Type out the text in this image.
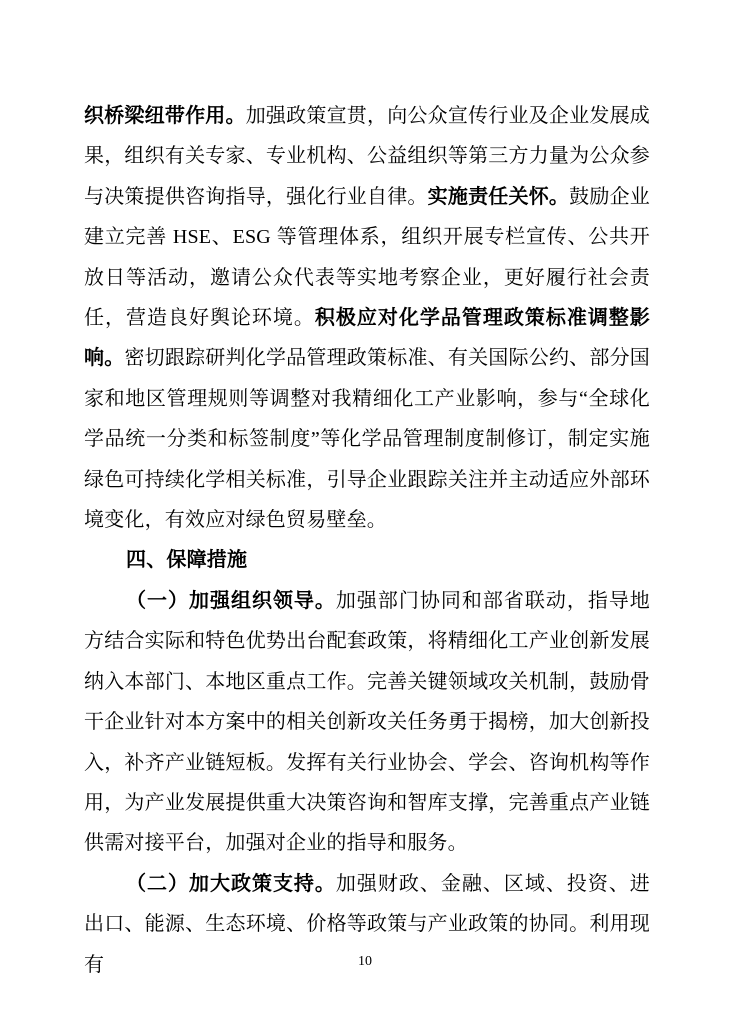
织桥梁纽带作用。加强政策宣贯，向公众宣传行业及企业发展成果，组织有关专家、专业机构、公益组织等第三方力量为公众参与决策提供咨询指导，强化行业自律。实施责任关怀。鼓励企业建立完善 HSE、ESG 等管理体系，组织开展专栏宣传、公共开放日等活动，邀请公众代表等实地考察企业，更好履行社会责任，营造良好舆论环境。积极应对化学品管理政策标准调整影响。密切跟踪研判化学品管理政策标准、有关国际公约、部分国家和地区管理规则等调整对我精细化工产业影响，参与“全球化学品统一分类和标签制度”等化学品管理制度制修订，制定实施绿色可持续化学相关标准，引导企业跟踪关注并主动适应外部环境变化，有效应对绿色贸易壁垒。

四、保障措施

（一）加强组织领导。加强部门协同和部省联动，指导地方结合实际和特色优势出台配套政策，将精细化工产业创新发展纳入本部门、本地区重点工作。完善关键领域攻关机制，鼓励骨干企业针对本方案中的相关创新攻关任务勇于揭榜，加大创新投入，补齐产业链短板。发挥有关行业协会、学会、咨询机构等作用，为产业发展提供重大决策咨询和智库支撑，完善重点产业链供需对接平台，加强对企业的指导和服务。

（二）加大政策支持。加强财政、金融、区域、投资、进出口、能源、生态环境、价格等政策与产业政策的协同。利用现有	10
